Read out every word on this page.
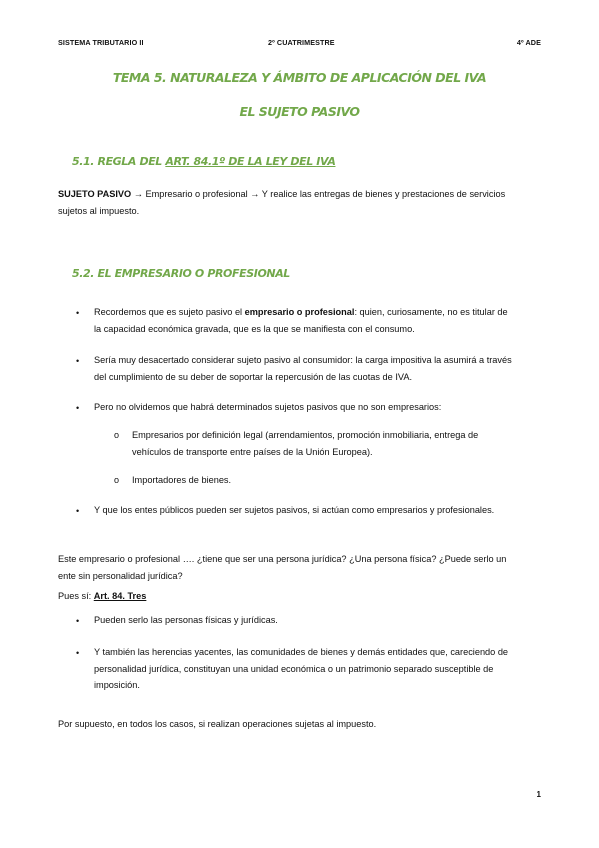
SISTEMA TRIBUTARIO II	2º CUATRIMESTRE	4º ADE
TEMA 5. NATURALEZA Y ÁMBITO DE APLICACIÓN DEL IVA
EL SUJETO PASIVO
5.1. REGLA DEL ART. 84.1º DE LA LEY DEL IVA
SUJETO PASIVO → Empresario o profesional → Y realice las entregas de bienes y prestaciones de servicios
sujetos al impuesto.
5.2. EL EMPRESARIO O PROFESIONAL
• Recordemos que es sujeto pasivo el empresario o profesional: quien, curiosamente, no es titular de
la capacidad económica gravada, que es la que se manifiesta con el consumo.
• Sería muy desacertado considerar sujeto pasivo al consumidor: la carga impositiva la asumirá a través
del cumplimiento de su deber de soportar la repercusión de las cuotas de IVA.
• Pero no olvidemos que habrá determinados sujetos pasivos que no son empresarios:
o Empresarios por definición legal (arrendamientos, promoción inmobiliaria, entrega de
vehículos de transporte entre países de la Unión Europea).
o Importadores de bienes.
• Y que los entes públicos pueden ser sujetos pasivos, si actúan como empresarios y profesionales.
Este empresario o profesional …. ¿tiene que ser una persona jurídica? ¿Una persona física? ¿Puede serlo un
ente sin personalidad jurídica?
Pues sí: Art. 84. Tres
• Pueden serlo las personas físicas y jurídicas.
• Y también las herencias yacentes, las comunidades de bienes y demás entidades que, careciendo de
personalidad jurídica, constituyan una unidad económica o un patrimonio separado susceptible de
imposición.
Por supuesto, en todos los casos, si realizan operaciones sujetas al impuesto.
1
